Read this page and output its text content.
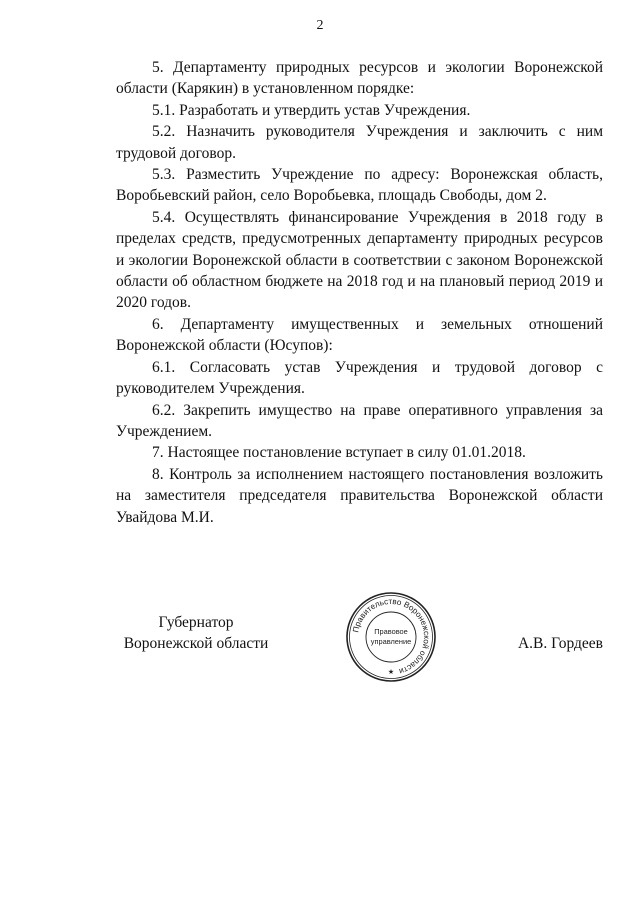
2

5. Департаменту природных ресурсов и экологии Воронежской области (Карякин) в установленном порядке:

5.1. Разработать и утвердить устав Учреждения.

5.2. Назначить руководителя Учреждения и заключить с ним трудовой договор.

5.3. Разместить Учреждение по адресу: Воронежская область, Воробьевский район, село Воробьевка, площадь Свободы, дом 2.

5.4. Осуществлять финансирование Учреждения в 2018 году в пределах средств, предусмотренных департаменту природных ресурсов и экологии Воронежской области в соответствии с законом Воронежской области об областном бюджете на 2018 год и на плановый период 2019 и 2020 годов.

6. Департаменту имущественных и земельных отношений Воронежской области (Юсупов):

6.1. Согласовать устав Учреждения и трудовой договор с руководителем Учреждения.

6.2. Закрепить имущество на праве оперативного управления за Учреждением.

7. Настоящее постановление вступает в силу 01.01.2018.

8. Контроль за исполнением настоящего постановления возложить на заместителя председателя правительства Воронежской области Увайдова М.И.

Губернатор
Воронежской области
Правительство Воронежской области
Правовое
управление
★
А.В. Гордеев
